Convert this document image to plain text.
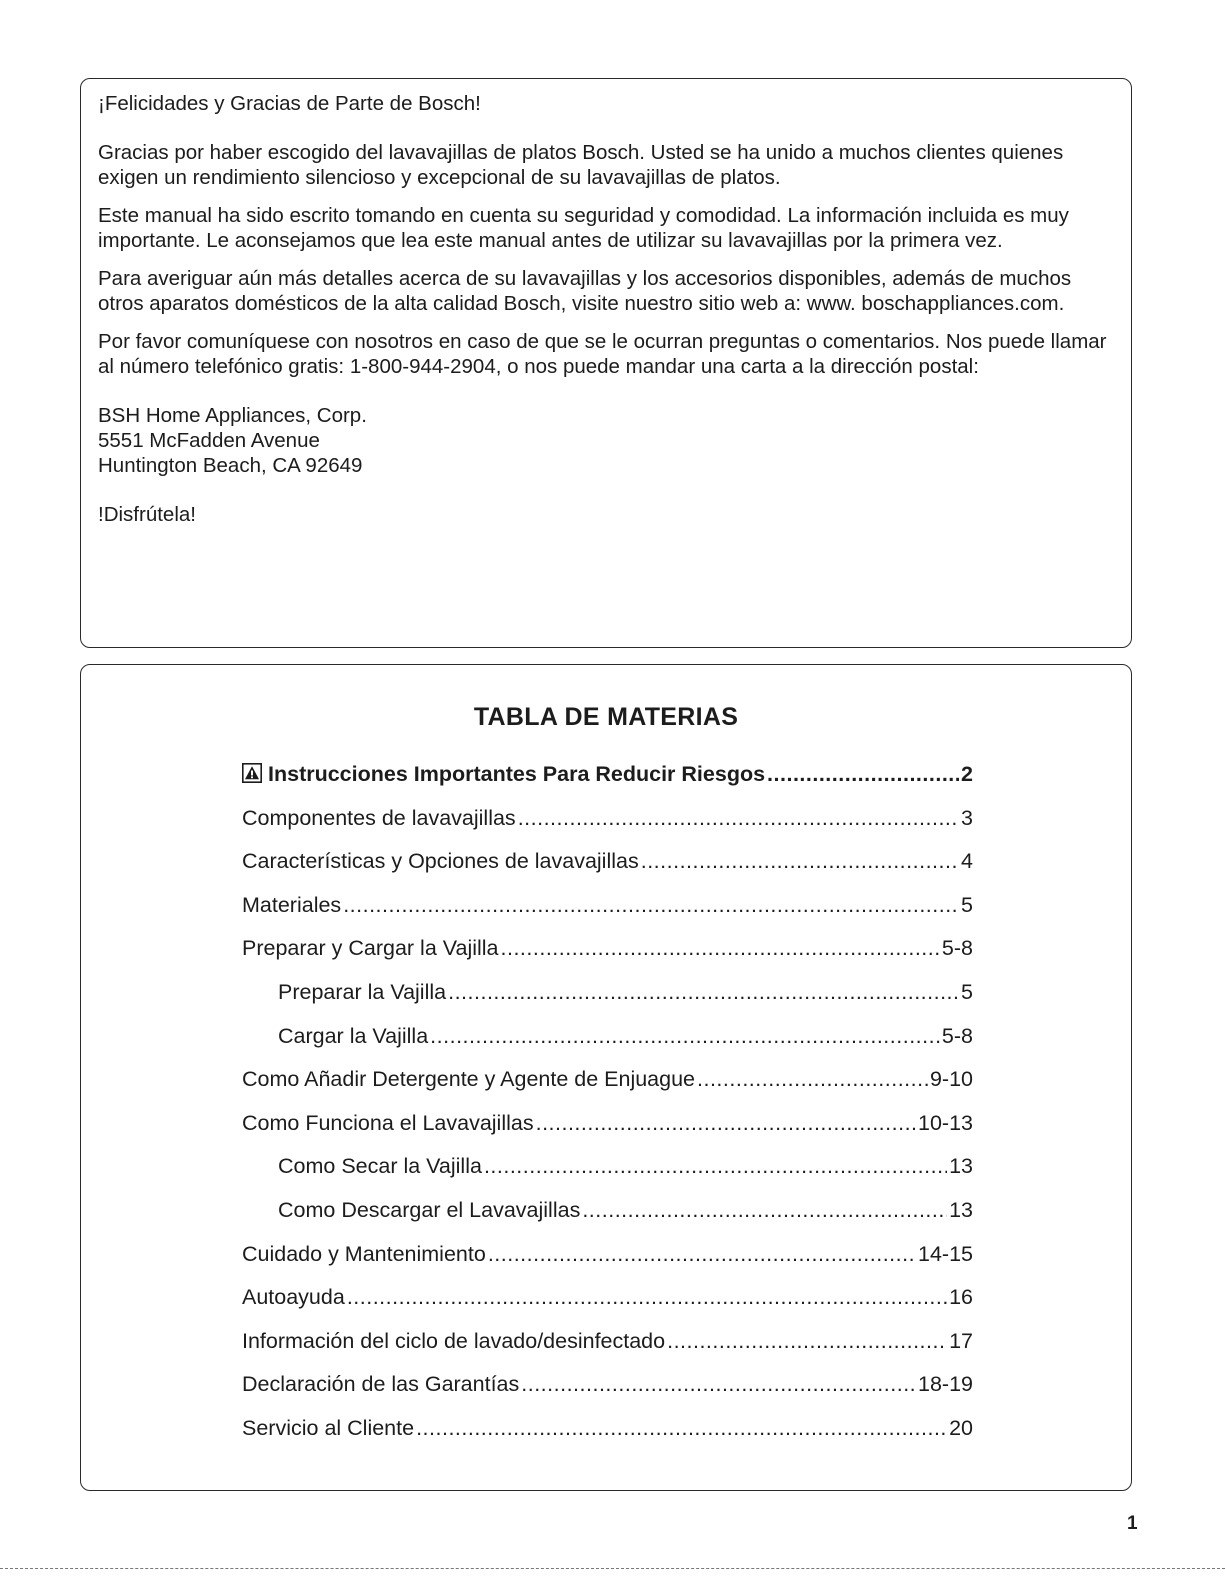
¡Felicidades y Gracias de Parte de Bosch!

Gracias por haber escogido del lavavajillas de platos Bosch. Usted se ha unido a muchos clientes quienes exigen un rendimiento silencioso y excepcional de su lavavajillas de platos.

Este manual ha sido escrito tomando en cuenta su seguridad y comodidad. La información incluida es muy importante. Le aconsejamos que lea este manual antes de utilizar su lavavajillas por la primera vez.

Para averiguar aún más detalles acerca de su lavavajillas y los accesorios disponibles, además de muchos otros aparatos domésticos de la alta calidad Bosch, visite nuestro sitio web a: www. boschappliances.com.

Por favor comuníquese con nosotros en caso de que se le ocurran preguntas o comentarios. Nos puede llamar al número telefónico gratis: 1-800-944-2904, o nos puede mandar una carta a la dirección postal:

BSH Home Appliances, Corp.
5551 McFadden Avenue
Huntington Beach, CA 92649

!Disfrútela!

TABLA DE MATERIAS
Instrucciones Importantes Para Reducir Riesgos .....	2
Componentes de lavavajillas .....	3
Características y Opciones de lavavajillas .....	4
Materiales .....	5
Preparar y Cargar la Vajilla .....	5-8
Preparar la Vajilla .....	5
Cargar la Vajilla .....	5-8
Como Añadir Detergente y Agente de Enjuague .....	9-10
Como Funciona el Lavavajillas .....	10-13
Como Secar la Vajilla .....	13
Como Descargar el Lavavajillas .....	13
Cuidado y Mantenimiento .....	14-15
Autoayuda .....	16
Información del ciclo de lavado/desinfectado .....	17
Declaración de las Garantías .....	18-19
Servicio al Cliente .....	20
1
